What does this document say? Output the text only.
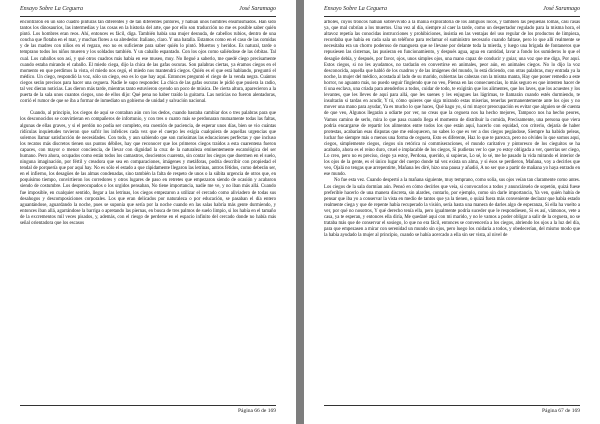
Ensayo Sobre La Ceguera	José Saramago

encontraron en un solo cuadro pinturas tan diferentes y de tan diferentes pintores, y habían unos hombres ensimismados. Han sido tantos los dinosaurios, las intermedias y las cosas en la historia del arte, que por ello son traducción no me es posible saber quién pintó. Los hombres eran reos. Ahí, entonces es fácil, diga. También había una mujer desnuda, de cabellos rubios, dentro de una concha que flotaba en el mar, y muchas flores a su alrededor. Italiano, claro. Y una batalla. Estamos como en el caso de las comidas y de las madres con niños en el regazo, eso no es suficiente para saber quién lo pintó. Muertos y heridos. Es natural, tarde o temprano todos los niños mueren y los soldados también. Y un caballo espantado. Con los ojos como saliéndose de las órbitas. Tal cual. Los caballos son así, y qué otros cuadros más había en ese museo, muy. No llegué a saberlo, me quedé ciego precisamente cuando estaba mirando el caballo. El miedo ciega, dijo la chica de las gafas oscuras. Son palabras ciertas, ya éramos ciegos en el momento en que perdimos la vista, el miedo nos cegó, el miedo nos mantendrá ciegos. Quién es el que está hablando, preguntó el médico. Un ciego, respondió la voz, sólo un ciego, eso es lo que hay aquí. Entonces preguntó el ciego de la venda negra. Cuántos ciegos serán precisos para hacer una ceguera. Nadie le supo responder. La chica de las gafas oscuras le pidió que pusiera la radio, tal vez dieran noticias. Las dieron más tarde, mientras tanto estuvieron oyendo un poco de música. De cierta altura, aparecieron a la puerta de la sala unos cuantos ciegos, uno de ellos dijo: Qué pena no haber traído la guitarra. Las noticias no fueron alentadoras, corrió el rumor de que se iba a formar de inmediato un gobierno de unidad y salvación nacional.

Cuando, al principio, los ciegos de aquí se contaban aún con los dedos, cuando bastaba cambiar dos o tres palabras para que los desconocidos se convirtieran en compañeros de infortunio, y con tres o cuatro más se perdonaran mutuamente todas las faltas, algunas de ellas graves, y si el perdón no podía ser completo, era cuestión de paciencia, de esperar unos días, bien se vio cuántas ridículas inquietudes tuvieron que sufrir los infelices cada vez que el cuerpo les exigía cualquiera de aquellas urgencias que solemos llamar satisfacción de necesidades. Con todo, y aun sabiendo que son raríssimas las educaciones perfectas y que incluso los recatos más discretos tienen sus puntos débiles, hay que reconocer que los primeros ciegos traídos a esta cuarentena fueron capaces, con mayor o menor conciencia, de llevar con dignidad la cruz de la naturaleza eminentemente escatológica del ser humano. Pero ahora, ocupados como están todos los camastros, doscientos cuarenta, sin contar los ciegos que duermen en el suelo, ninguna imaginación, por fértil y creadora que sea en comparaciones, imágenes y metáforas, podría describir con propiedad el tendal de porquería que por aquí hay. No es sólo el estado a que rápidamente llegaron las letrinas, antros fétidos, como deberán ser, en el infierno, los desagües de las almas condenadas, sino también la falta de respeto de unos o la súbita urgencia de otros que, en poquísimo tiempo, convirtieron los corredores y otros lugares de paso en retretes que empezaron siendo de ocasión y acabaron siendo de costumbre. Los despreocupados o los urgidos pensaban, No tiene importancia, nadie me ve, y no iban más allá. Cuando fue imposible, en cualquier sentido, llegar a las letrinas, los ciegos empezaron a utilizar el cercado como aliviadero de todas sus desahogos y descomposiciones corporales. Los que eran delicados por naturaleza o por educación, se pasaban el día entero aguantándose, aguardando la noche, pues se suponía que sería por la noche cuando en las salas habría más gente durmiendo, y entonces iban allá, agarrándose la barriga o apretando las piernas, en busca de tres palmos de suelo limpio, si los había en el tamaño de la excrementos mil veces pisados, y, además, con el riesgo de perderse en el espacio infinito del cercado donde no había más señal orientadora que los escasos

Página 66 de 169
Ensayo Sobre La Ceguera	José Saramago

árboles, cuyos troncos habían sobrevivido a la manía exploratoria de los antiguos locos, y también las pequeñas lomas, casi rasas ya, que mal cubrían a los muertos. Una vez al día, siempre al caer la tarde, como un despertador regulado para la misma hora, el altavoz repetía las conocidas instrucciones y prohibiciones, insistía en las ventajas del uso regular de los productos de limpieza, recordaba que había en cada sala un teléfono para reclamar el suministro necesario cuando faltase, pero lo que allí realmente se necesitaba era un chorro poderoso de manguera que se llevase por delante toda la mierda, y luego una brigada de fontaneros que repusiesen las cisternas, las pusieran en funcionamiento, y después agua, agua en cantidad, lavar a fondo los sumideros lo que el desagüe debía, y después, por favor, ojos, unos simples ojos, una mano capaz de conducir y guiar, una voz que me diga, Por aquí. Estos ciegos, si no les ayudamos, no tardarán en convertirse en animales, peor aún, en animales ciegos. No lo dijo la voz desconocida, aquella que habló de los cuadros y de las imágenes del mundo, lo está diciendo, con otras palabras, muy entrada ya la noche, la mujer del médico, acostada al lado de su marido, cubiertas las cabezas con la misma manta, Hay que poner remedio a este horror, no aguanto más, no puedo seguir fingiendo que no veo, Piensa en las consecuencias, lo más seguro es que intenten hacer de ti una esclava, una criada para atenderlos a todos, cuidar de todo, te exigirán que los alimentes, que los laves, que los acuestes y los levantes, que les lleves de aquí para allá, que les suenes y les enjugues las lágrimas, te llamarán cuando estés durmiendo, te insultarán si tardas en acudir, Y tú, cómo quieres que siga mirando estas miserias, tenerlas permanentemente ante los ojos y no mover una mano para ayudar, Ya es mucho lo que haces, Qué hago yo, si mi mayor preocupación es evitar que alguien se dé cuenta de que veo, Algunos llegarán a odiarte por ver, no creas que la ceguera nos ha hecho mejores, Tampoco nos ha hecho peores, Vamos camino de serlo, mira lo que pasa cuando llega el momento de distribuir la comida, Precisamente, una persona que viera podría encargarse de repartir los alimentos entre todos los que están aquí, hacerlo con equidad, con criterio, dejaría de haber protestas, acabarían esas disputas que me enloquecen, no sabes lo que es ver a dos ciegos pegándose, Siempre ha habido peleas, luchar fue siempre más o menos una forma de ceguera, Esto es diferente, Haz lo que te parezca, pero no olvides lo que somos aquí, ciegos, simplemente ciegos, ciegos sin retórica ni commiseraciones, el mundo caritativo y pintoresco de los cieguitos se ha acabado, ahora es el reino duro, cruel e implacable de los ciegos, Si pudieras ver lo que yo estoy obligada a ver, querrías ser ciego, Lo creo, pero no es preciso, ciego ya estoy, Perdona, querido, si supieras, Lo sé, lo sé, me he pasado la vida mirando el interior de los ojos de la gente, es el único lugar del cuerpo donde tal vez exista un alma, y si ésos se perdieron, Mañana, voy a decirles que veo, Ojalá no tengas que arrepentirte, Mañana les diré, hizo una pausa y añadió, A no ser que a partir de mañana yo haya entrado en ese mundo.

No fue esta vez. Cuando despertó a la mañana siguiente, muy temprano, como solía, sus ojos veían tan claramente como antes. Los ciegos de la sala dormían aún. Pensó en cómo decírles que veía, si convocarlos a todos y anunciárselo de sopetón, quizá fuese preferible hacerlo de una manera discreta, sin alardes, contarlo, por ejemplo, como sin darle importancia, Ya ven, quién había de pensar que iba yo a conservar la vista en medio de tantos que ya la tienen, o quizá fuera más conveniente declarar que había estado realmente ciega y que de repente había recuperado la visión, sería hasta una manera de darles algo de esperanza, Si ella ha vuelto a ver, por qué no nosotros, Y qué derecho tenía ella, pero igualmente podría suceder que le respondiesen, Si es así, vámonos, vete a casa, ya te esperan, y entonces ella diría, Me quedaré aquí con mi marido, y no le vamos a poder obligar a salir de la ceguera, no se trataba más que de conservar el sosiego, lo que no era fácil, entonces se convencería a los ciegos, abriendo los ojos a la luz del día, para que empezasen a mirar con serenidad un mundo sin ojos, pero luego los cuidaría a todos, y obedecerían, del mismo modo que la había ayudado la mujer al principio, cuando se había acercado a ella sin ser vista, al nivel de

Página 67 de 169
